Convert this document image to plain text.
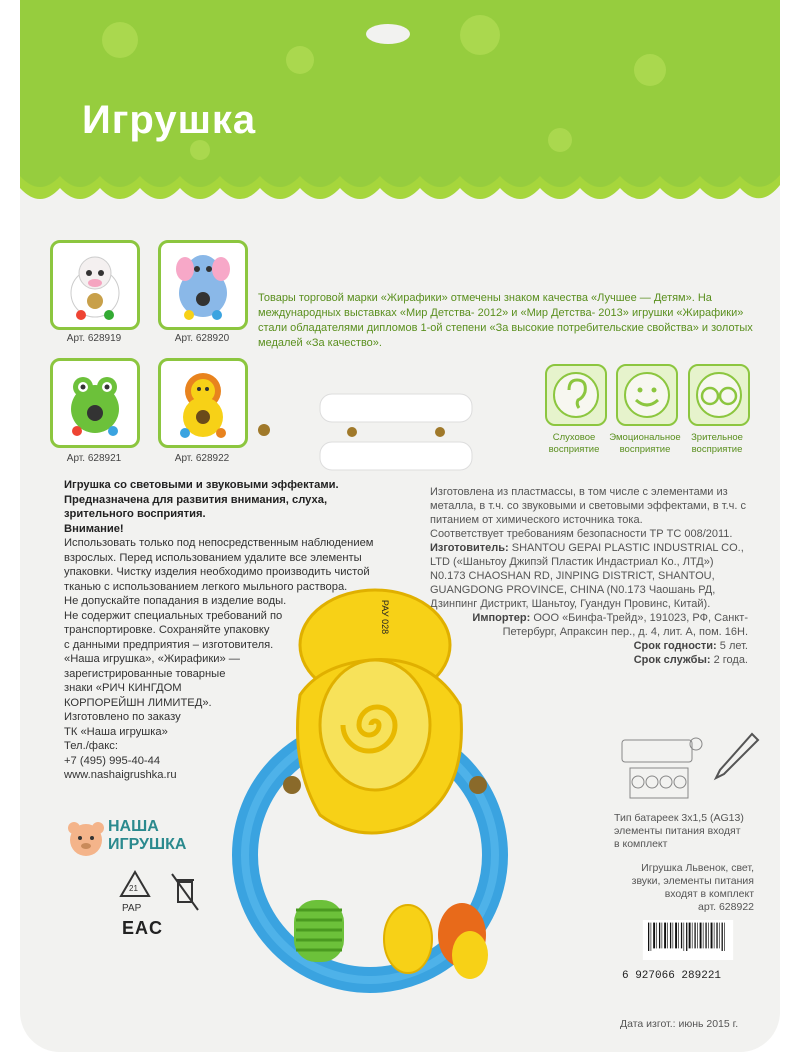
Игрушка
Арт. 628919	Арт. 628920
Арт. 628921	Арт. 628922
Товары торговой марки «Жирафики» отмечены знаком качества «Лучшее — Детям». На международных выставках «Мир Детства- 2012» и «Мир Детства- 2013» игрушки «Жирафики» стали обладателями дипломов 1-ой степени «За высокие потребительские свойства» и золотых медалей «За качество».
Слуховое
восприятие
Эмоциональное
восприятие
Зрительное
восприятие
Игрушка со световыми и звуковыми эффектами. Предназначена для развития внимания, слуха, зрительного восприятия.
Внимание!
Использовать только под непосредственным наблюдением
взрослых. Перед использованием удалите все элементы
упаковки. Чистку изделия необходимо производить чистой
тканью с использованием легкого мыльного раствора.
Не допускайте попадания в изделие воды.
Не содержит специальных требований по
транспортировке. Сохраняйте упаковку
с данными предприятия – изготовителя.
«Наша игрушка», «Жирафики» —
зарегистрированные товарные
знаки «РИЧ КИНГДОМ
КОРПОРЕЙШН ЛИМИТЕД».
Изготовлено по заказу
ТК «Наша игрушка»
Тел./факс:
+7 (495) 995-40-44
www.nashaigrushka.ru
Изготовлена из пластмассы, в том числе с элементами из металла, в т.ч. со звуковыми и световыми эффектами, в т.ч. с питанием от химического источника тока.
Соответствует требованиям безопасности ТР ТС 008/2011.
Изготовитель: SHANTOU GEPAI PLASTIC INDUSTRIAL CO., LTD («Шаньтоу Джипэй Пластик Индастриал Ко., ЛТД») N0.173 CHAOSHAN RD, JINPING DISTRICT, SHANTOU, GUANGDONG PROVINCE, CHINA (N0.173 Чаошань РД, Дзинпинг Дистрикт, Шаньтоу, Гуандун Провинс, Китай).
Импортер: ООО «Бинфа-Трейд», 191023, РФ, Санкт-Петербург, Апраксин пер., д. 4, лит. А, пом. 16Н.
Срок годности: 5 лет.
Срок службы: 2 года.
Тип батареек 3х1,5 (AG13)
элементы питания входят
в комплект
Игрушка Львенок, свет,
звуки, элементы питания
входят в комплект
арт. 628922
6 927066 289221
Дата изгот.: июнь 2015 г.
НАША
ИГРУШКА
21
PAP
EAC
РАУ 028
